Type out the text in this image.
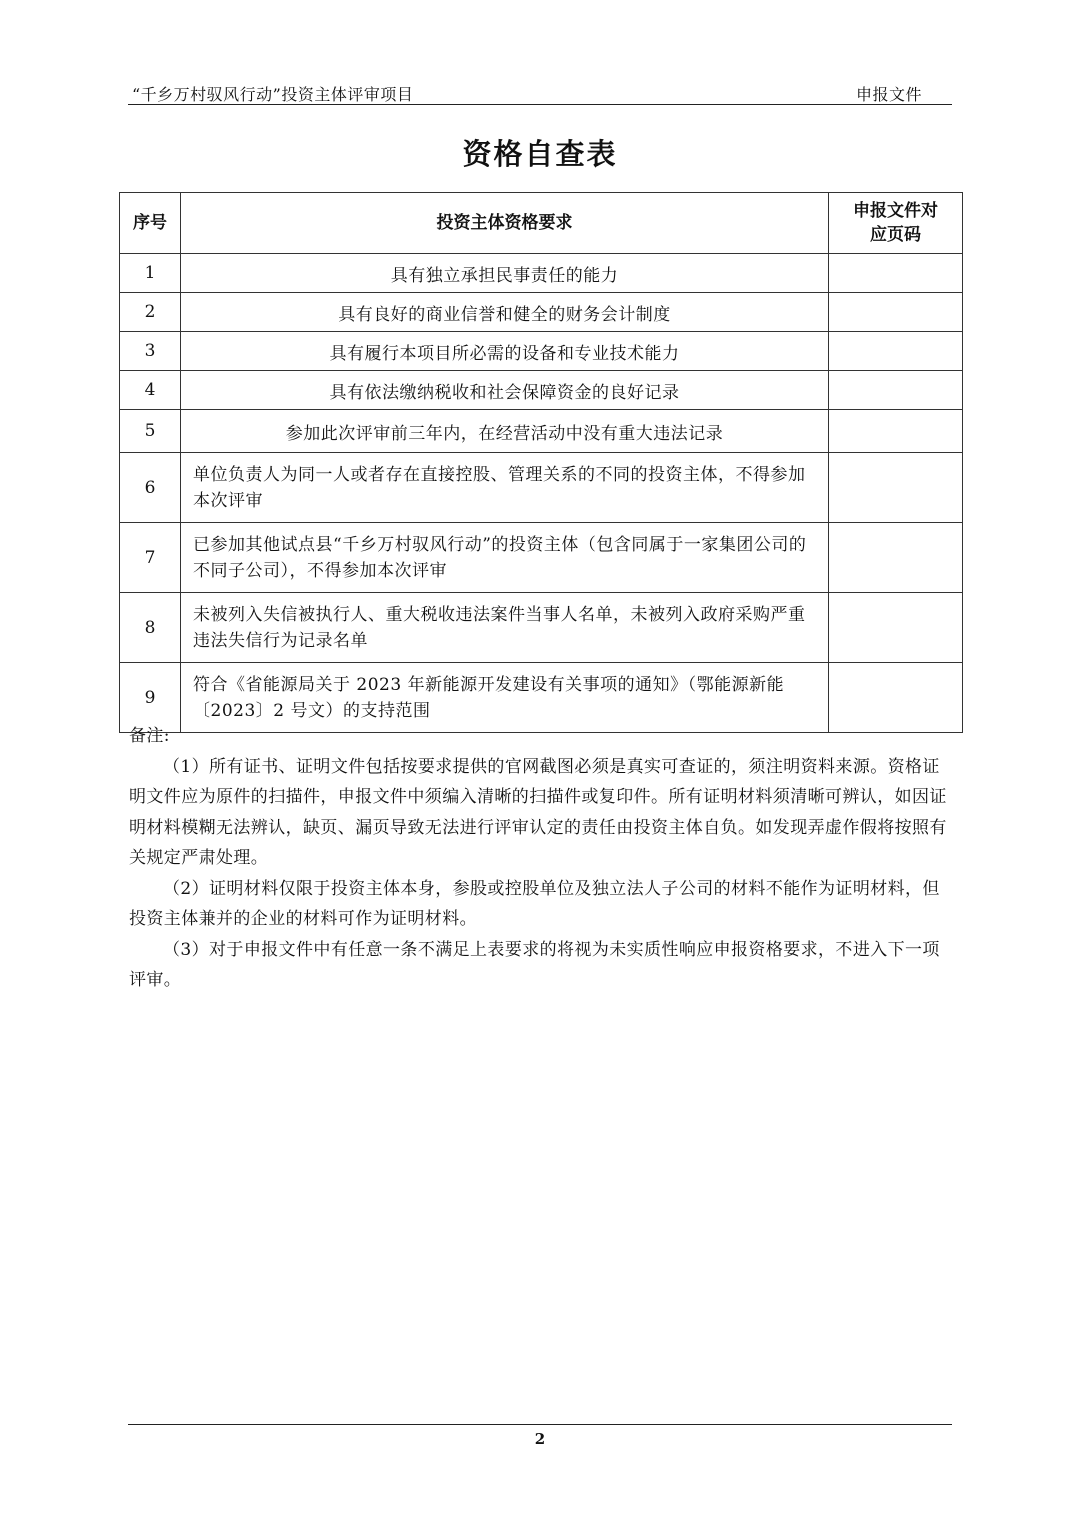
“千乡万村驭风行动”投资主体评审项目	申报文件
资格自查表
序号	投资主体资格要求	申报文件对应页码

1	具有独立承担民事责任的能力	
2	具有良好的商业信誉和健全的财务会计制度	
3	具有履行本项目所必需的设备和专业技术能力	
4	具有依法缴纳税收和社会保障资金的良好记录	
5	参加此次评审前三年内，在经营活动中没有重大违法记录	
6	单位负责人为同一人或者存在直接控股、管理关系的不同的投资主体，不得参加本次评审	
7	已参加其他试点县“千乡万村驭风行动”的投资主体（包含同属于一家集团公司的不同子公司），不得参加本次评审	
8	未被列入失信被执行人、重大税收违法案件当事人名单，未被列入政府采购严重违法失信行为记录名单	
9	符合《省能源局关于 2023 年新能源开发建设有关事项的通知》（鄂能源新能〔2023〕2 号文）的支持范围	

备注:

（1）所有证书、证明文件包括按要求提供的官网截图必须是真实可查证的，须注明资料来源。资格证明文件应为原件的扫描件，申报文件中须编入清晰的扫描件或复印件。所有证明材料须清晰可辨认，如因证明材料模糊无法辨认，缺页、漏页导致无法进行评审认定的责任由投资主体自负。如发现弄虚作假将按照有关规定严肃处理。

（2）证明材料仅限于投资主体本身，参股或控股单位及独立法人子公司的材料不能作为证明材料，但投资主体兼并的企业的材料可作为证明材料。

（3）对于申报文件中有任意一条不满足上表要求的将视为未实质性响应申报资格要求，不进入下一项评审。

2
